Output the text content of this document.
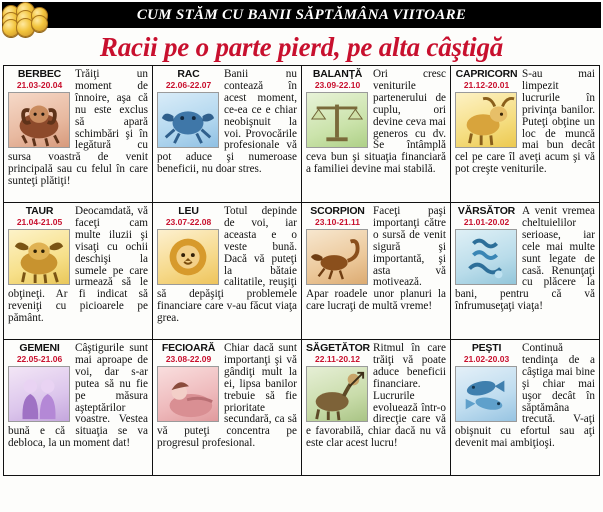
CUM STĂM CU BANII SĂPTĂMÂNA VIITOARE
Racii pe o parte pierd, pe alta câştigă
BERBEC
21.03-20.04
Trăiţi un moment de înnoire, aşa că nu este exclus să apară schimbări şi în legătură cu sursa voastră de venit principală sau cu felul în care sunteţi plătiţi!
RAC
22.06-22.07
Banii nu contează în acest moment, ce-ea ce e chiar neobişnuit la voi. Provocările profesionale vă pot aduce şi numeroase beneficii, nu doar stres.
BALANŢĂ
23.09-22.10
Ori cresc veniturile partenerului de cuplu, ori devine ceva mai generos cu dv. Se întâmplă ceva bun şi situaţia financiară a familiei devine mai stabilă.
CAPRICORN
21.12-20.01
S-au mai limpezit lucrurile în privinţa banilor. Puteţi obţine un loc de muncă mai bun decât cel pe care îl aveţi acum şi vă pot creşte veniturile.
TAUR
21.04-21.05
Deocamdată, vă faceţi cam multe iluzii şi visaţi cu ochii deschişi la sumele pe care urmează să le obţineţi. Ar fi indicat să reveniţi cu picioarele pe pământ.
LEU
23.07-22.08
Totul depinde de voi, iar aceasta e o veste bună. Dacă vă puteţi la bătaie calitatile, reuşiţi să depăşiţi problemele financiare care v-au făcut viaţa grea.
SCORPION
23.10-21.11
Faceţi paşi importanţi către o sursă de venit sigură şi importantă, şi asta vă motivează. Apar roadele unor planuri la care lucraţi de multă vreme!
VĂRSĂTOR
21.01-20.02
A venit vremea cheltuielilor serioase, iar cele mai multe sunt legate de casă. Renunţaţi cu plăcere la bani, pentru că vă înfrumuseţaţi viaţa!
GEMENI
22.05-21.06
Câştigurile sunt mai aproape de voi, dar s-ar putea să nu fie pe măsura aşteptărilor voastre. Vestea bună e că situaţia se va debloca, la un moment dat!
FECIOARĂ
23.08-22.09
Chiar dacă sunt importanţi şi vă gândiţi mult la ei, lipsa banilor trebuie să fie prioritate secundară, ca să vă puteţi concentra pe progresul profesional.
SĂGETĂTOR
22.11-20.12
Ritmul în care trăiţi vă poate aduce beneficii financiare. Lucrurile evoluează într-o direcţie care vă e favorabilă, chiar dacă nu vă este clar acest lucru!
PEŞTI
21.02-20.03
Continuă tendinţa de a câştiga mai bine şi chiar mai uşor decât în săptămâna trecută. V-aţi obişnuit cu efortul sau aţi devenit mai ambiţioşi.
